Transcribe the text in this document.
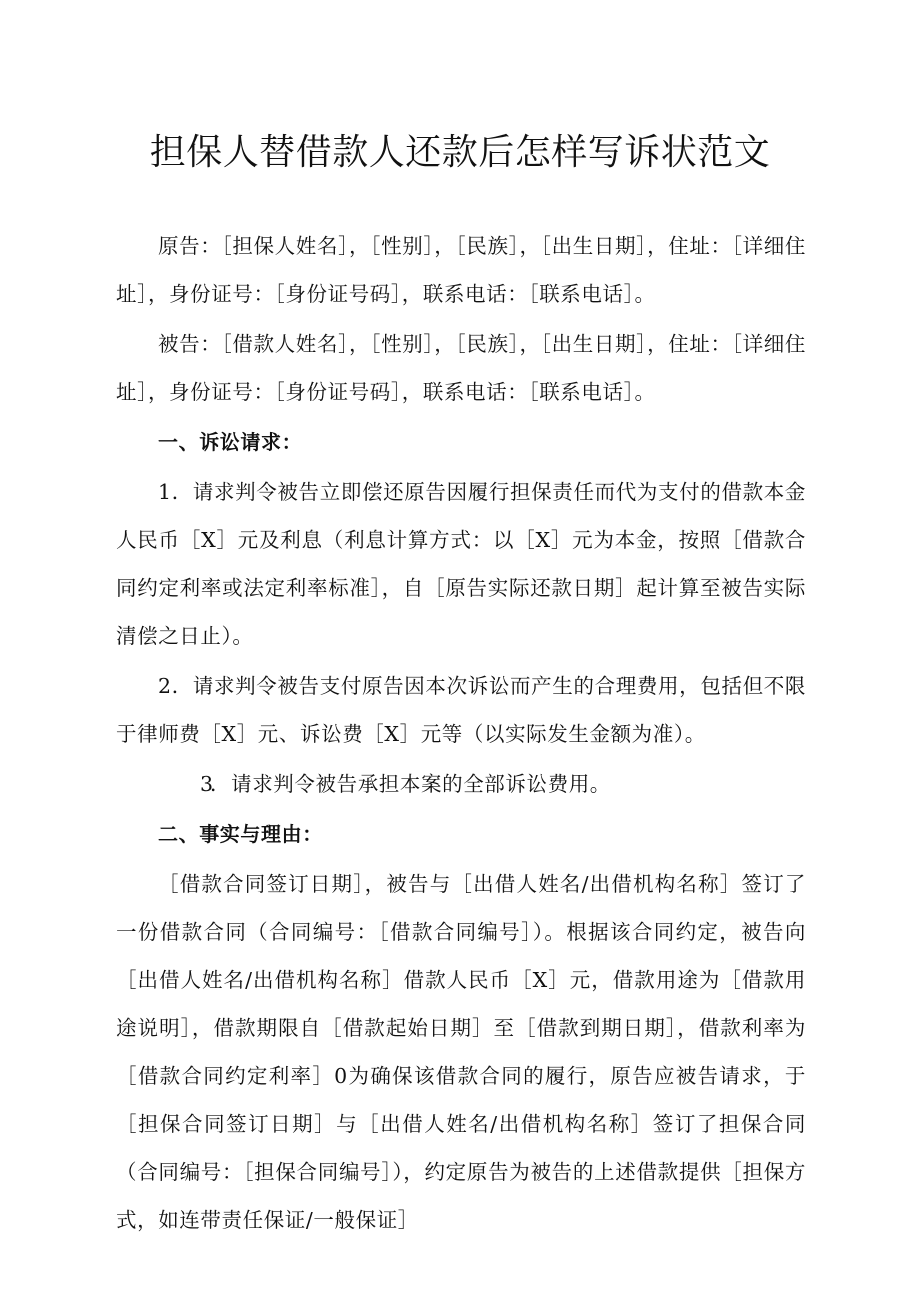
担保人替借款人还款后怎样写诉状范文

原告：［担保人姓名］，［性别］，［民族］，［出生日期］，住址：［详细住址］，身份证号：［身份证号码］，联系电话：［联系电话］。

被告：［借款人姓名］，［性别］，［民族］，［出生日期］，住址：［详细住址］，身份证号：［身份证号码］，联系电话：［联系电话］。

一、诉讼请求：

1．请求判令被告立即偿还原告因履行担保责任而代为支付的借款本金人民币［X］元及利息（利息计算方式：以［X］元为本金，按照［借款合同约定利率或法定利率标准］，自［原告实际还款日期］起计算至被告实际清偿之日止）。

2．请求判令被告支付原告因本次诉讼而产生的合理费用，包括但不限于律师费［X］元、诉讼费［X］元等（以实际发生金额为准）。

3．请求判令被告承担本案的全部诉讼费用。

二、事实与理由：

［借款合同签订日期］，被告与［出借人姓名/出借机构名称］签订了一份借款合同（合同编号：［借款合同编号］）。根据该合同约定，被告向［出借人姓名/出借机构名称］借款人民币［X］元，借款用途为［借款用途说明］，借款期限自［借款起始日期］至［借款到期日期］，借款利率为［借款合同约定利率］0为确保该借款合同的履行，原告应被告请求，于［担保合同签订日期］与［出借人姓名/出借机构名称］签订了担保合同（合同编号：［担保合同编号］），约定原告为被告的上述借款提供［担保方式，如连带责任保证/一般保证］
